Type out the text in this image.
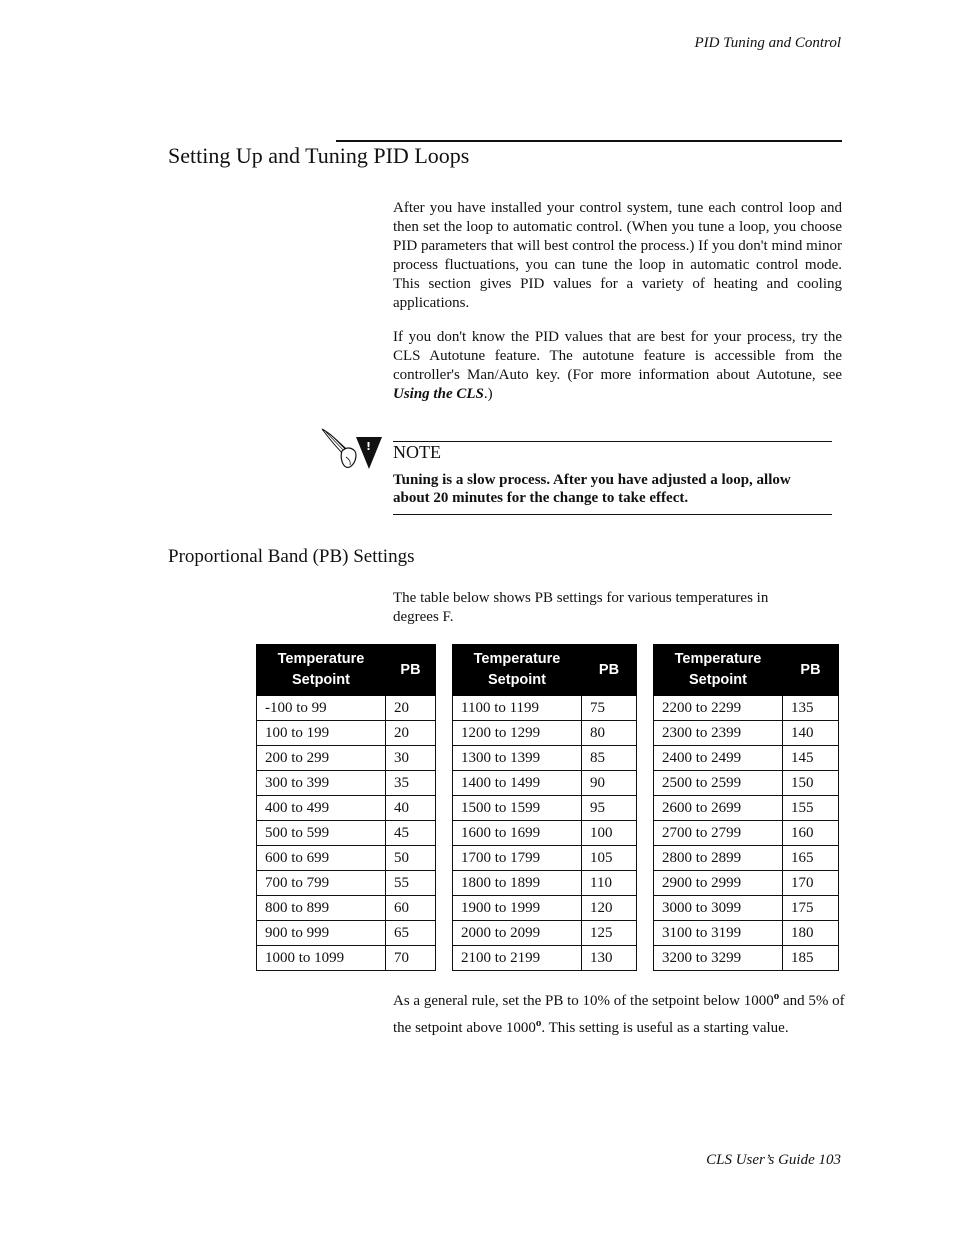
PID Tuning and Control
Setting Up and Tuning PID Loops

After you have installed your control system, tune each control loop and then set the loop to automatic control. (When you tune a loop, you choose PID parameters that will best control the process.) If you don't mind minor process fluctuations, you can tune the loop in automatic control mode. This section gives PID values for a variety of heating and cooling applications.

If you don't know the PID values that are best for your process, try the CLS Autotune feature. The autotune feature is accessible from the controller's Man/Auto key. (For more information about Autotune, see Using the CLS.)

! NOTE
Tuning is a slow process. After you have adjusted a loop, allow about 20 minutes for the change to take effect.
Proportional Band (PB) Settings

The table below shows PB settings for various temperatures in degrees F.

Temperature
Setpoint	PB
-100 to 99	20
100 to 199	20
200 to 299	30
300 to 399	35
400 to 499	40
500 to 599	45
600 to 699	50
700 to 799	55
800 to 899	60
900 to 999	65
1000 to 1099	70
Temperature
Setpoint	PB
1100 to 1199	75
1200 to 1299	80
1300 to 1399	85
1400 to 1499	90
1500 to 1599	95
1600 to 1699	100
1700 to 1799	105
1800 to 1899	110
1900 to 1999	120
2000 to 2099	125
2100 to 2199	130
Temperature
Setpoint	PB
2200 to 2299	135
2300 to 2399	140
2400 to 2499	145
2500 to 2599	150
2600 to 2699	155
2700 to 2799	160
2800 to 2899	165
2900 to 2999	170
3000 to 3099	175
3100 to 3199	180
3200 to 3299	185

As a general rule, set the PB to 10% of the setpoint below 1000$^o$ and 5% of the setpoint above 1000$^o$. This setting is useful as a starting value.

CLS User’s Guide 103
